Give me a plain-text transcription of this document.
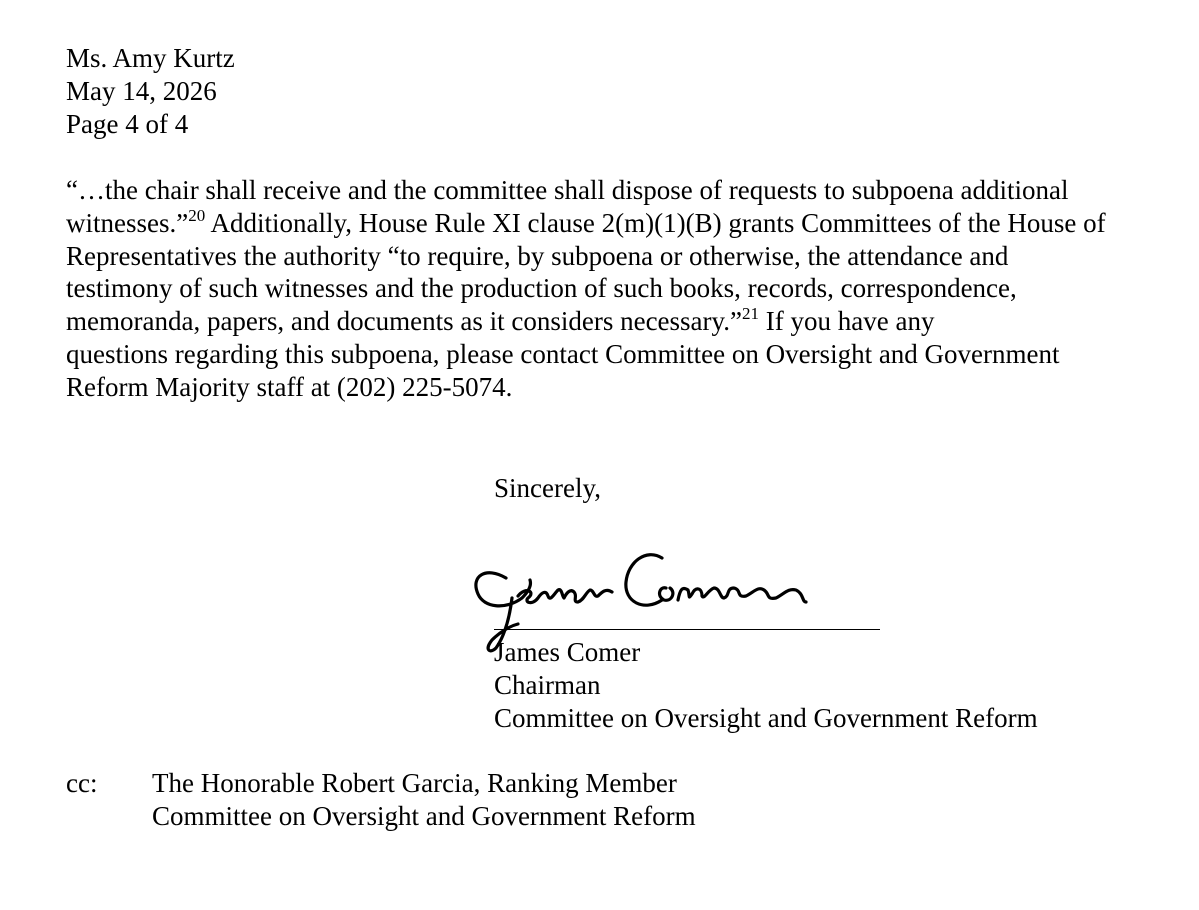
Ms. Amy Kurtz
May 14, 2026
Page 4 of 4
“…the chair shall receive and the committee shall dispose of requests to subpoena additional
witnesses.”$^{20}$ Additionally, House Rule XI clause 2(m)(1)(B) grants Committees of the House of
Representatives the authority “to require, by subpoena or otherwise, the attendance and
testimony of such witnesses and the production of such books, records, correspondence,
memoranda, papers, and documents as it considers necessary.”$^{21}$ If you have any
questions regarding this subpoena, please contact Committee on Oversight and Government
Reform Majority staff at (202) 225-5074.
Sincerely,
James Comer
Chairman
Committee on Oversight and Government Reform
cc: The Honorable Robert Garcia, Ranking Member
Committee on Oversight and Government Reform
